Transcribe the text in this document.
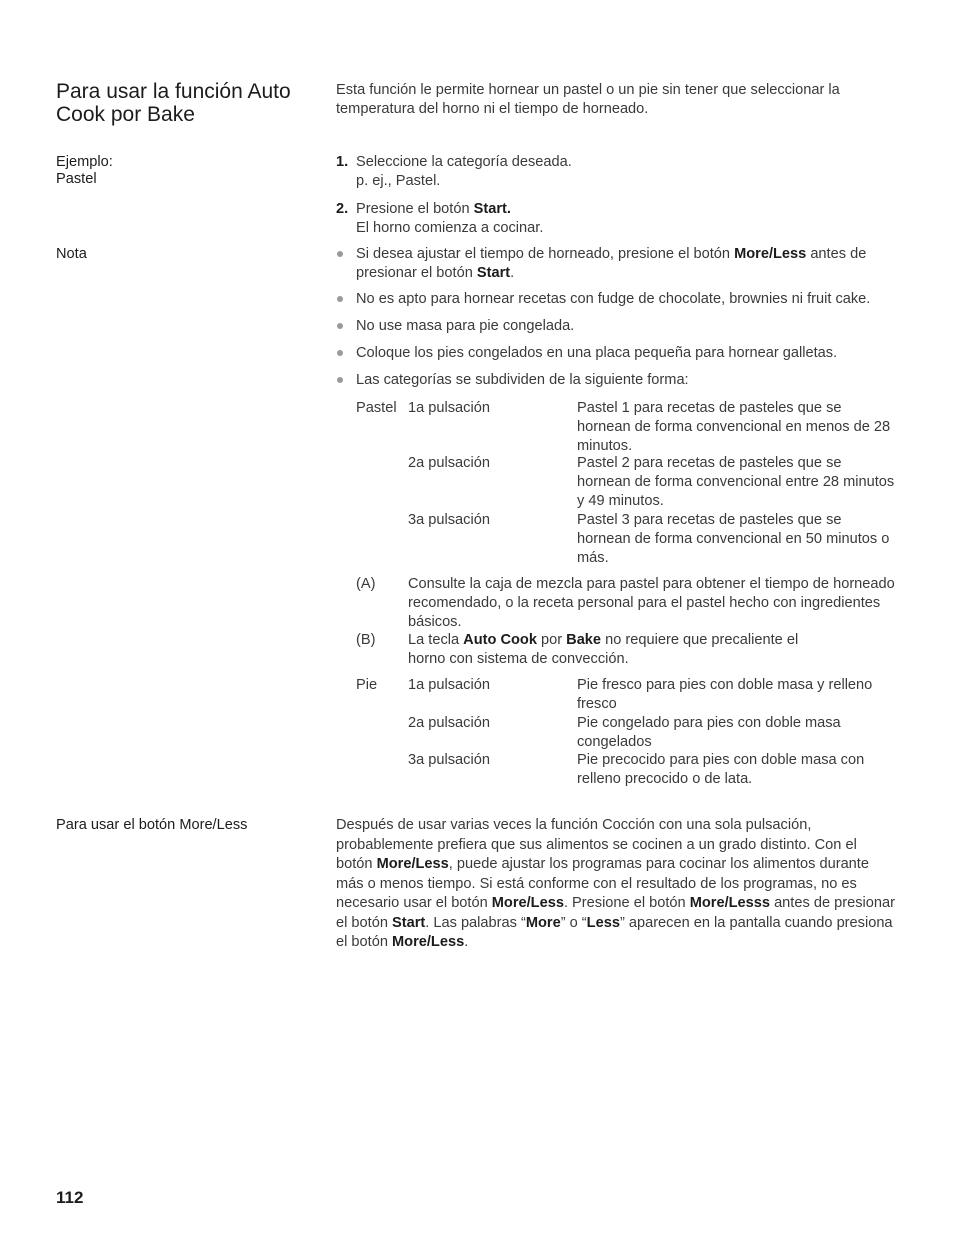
Para usar la función Auto Cook por Bake
Esta función le permite hornear un pastel o un pie sin tener que seleccionar la temperatura del horno ni el tiempo de horneado.
Ejemplo:
Pastel
1. Seleccione la categoría deseada.
p. ej., Pastel.
2. Presione el botón Start.
El horno comienza a cocinar.
Nota	Si desea ajustar el tiempo de horneado, presione el botón More/Less antes de presionar el botón Start.
No es apto para hornear recetas con fudge de chocolate, brownies ni fruit cake.
No use masa para pie congelada.
Coloque los pies congelados en una placa pequeña para hornear galletas.
Las categorías se subdividen de la siguiente forma:
Pastel 1a pulsación	Pastel 1 para recetas de pasteles que se hornean de forma convencional en menos de 28 minutos.
2a pulsación	Pastel 2 para recetas de pasteles que se hornean de forma convencional entre 28 minutos y 49 minutos.
3a pulsación	Pastel 3 para recetas de pasteles que se hornean de forma convencional en 50 minutos o más.
(A)	Consulte la caja de mezcla para pastel para obtener el tiempo de horneado recomendado, o la receta personal para el pastel hecho con ingredientes básicos.
(B)	La tecla Auto Cook por Bake no requiere que precaliente el horno con sistema de convección.
Pie	1a pulsación	Pie fresco para pies con doble masa y relleno fresco
2a pulsación	Pie congelado para pies con doble masa congelados
3a pulsación	Pie precocido para pies con doble masa con relleno precocido o de lata.
Para usar el botón More/Less	Después de usar varias veces la función Cocción con una sola pulsación, probablemente prefiera que sus alimentos se cocinen a un grado distinto. Con el botón More/Less, puede ajustar los programas para cocinar los alimentos durante más o menos tiempo. Si está conforme con el resultado de los programas, no es necesario usar el botón More/Less. Presione el botón More/Lesss antes de presionar el botón Start. Las palabras “More” o “Less” aparecen en la pantalla cuando presiona el botón More/Less.
112
